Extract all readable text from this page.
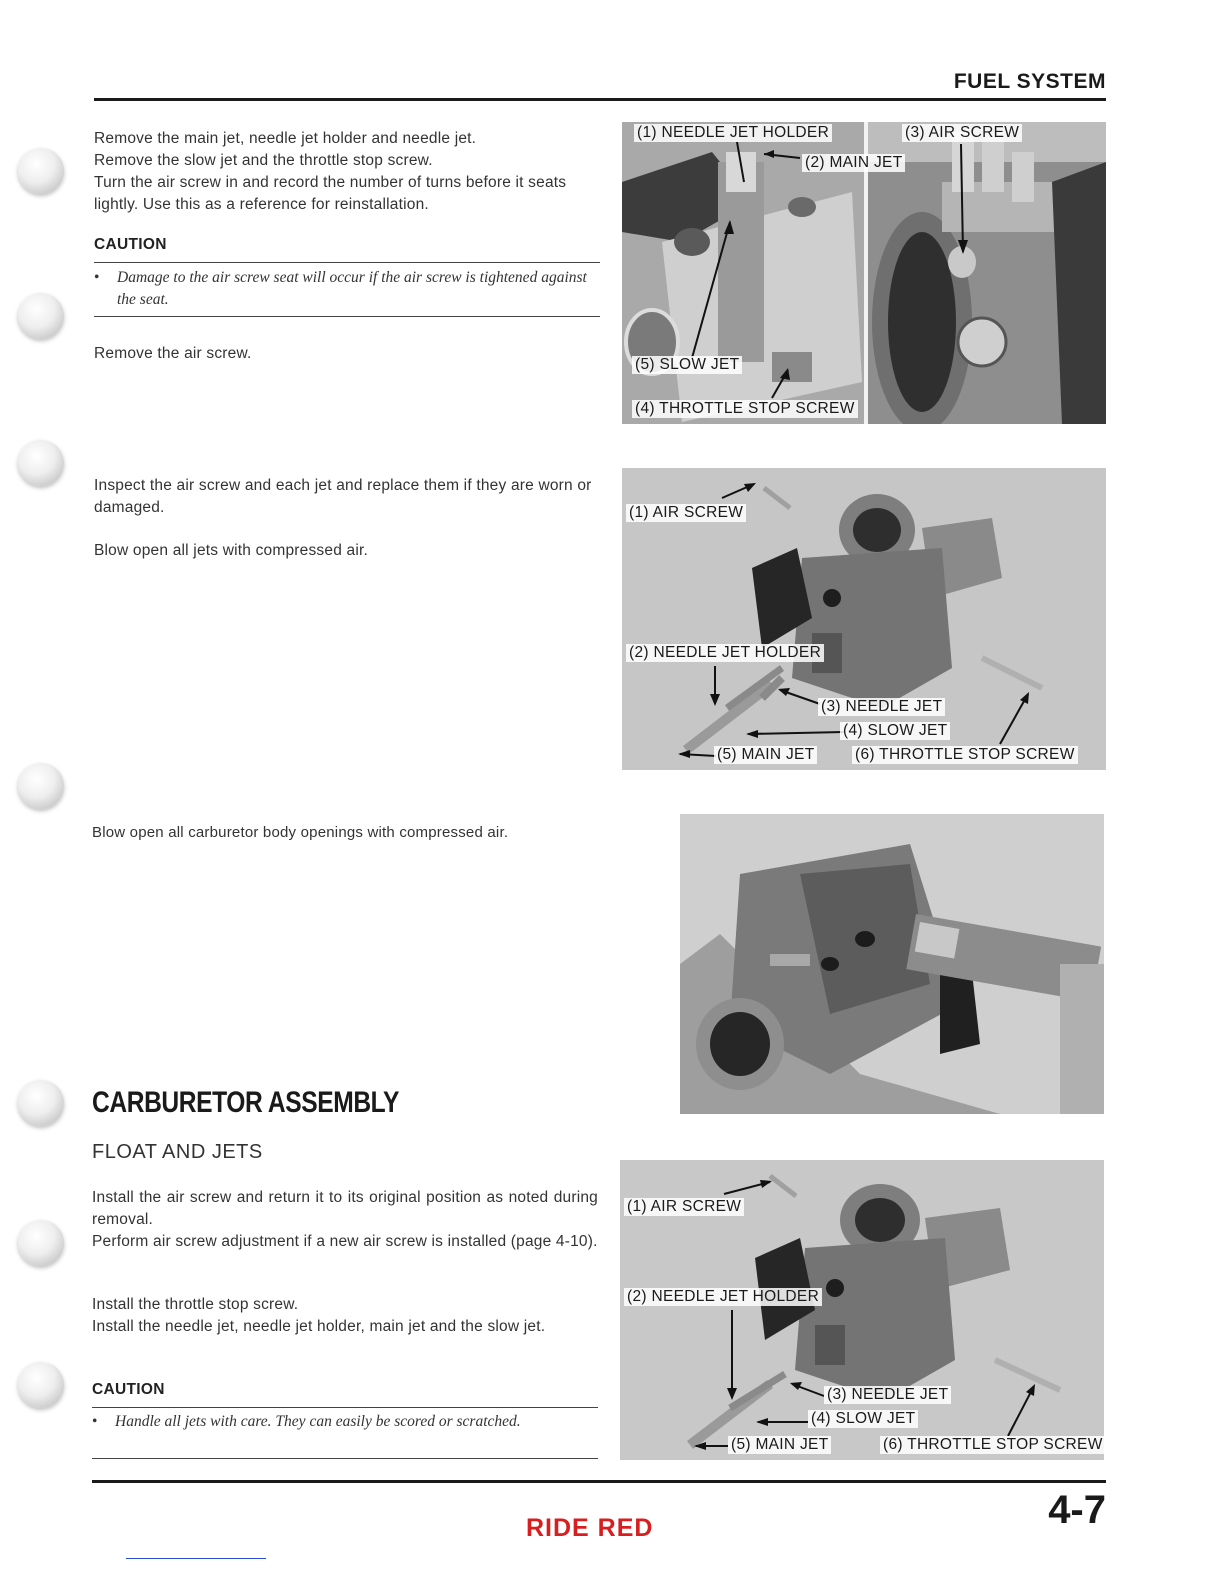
FUEL SYSTEM

Remove the main jet, needle jet holder and needle jet.

Remove the slow jet and the throttle stop screw.

Turn the air screw in and record the number of turns before it seats lightly. Use this as a reference for reinstallation.

CAUTION
•	Damage to the air screw seat will occur if the air screw is tightened against the seat.
Remove the air screw.
Inspect the air screw and each jet and replace them if they are worn or damaged.
Blow open all jets with compressed air.
Blow open all carburetor body openings with compressed air.
CARBURETOR ASSEMBLY
FLOAT AND JETS

Install the air screw and return it to its original position as noted during removal.

Perform air screw adjustment if a new air screw is installed (page 4-10).

Install the throttle stop screw.

Install the needle jet, needle jet holder, main jet and the slow jet.

CAUTION
•	Handle all jets with care. They can easily be scored or scratched.
(1) NEEDLE JET HOLDER
(2) MAIN JET
(3) AIR SCREW
(5) SLOW JET
(4) THROTTLE STOP SCREW
(1) AIR SCREW
(2) NEEDLE JET HOLDER
(3) NEEDLE JET
(4) SLOW JET
(5) MAIN JET	(6) THROTTLE STOP SCREW
(1) AIR SCREW
(2) NEEDLE JET HOLDER
(3) NEEDLE JET
(4) SLOW JET
(5) MAIN JET	(6) THROTTLE STOP SCREW
RIDE RED	4-7
